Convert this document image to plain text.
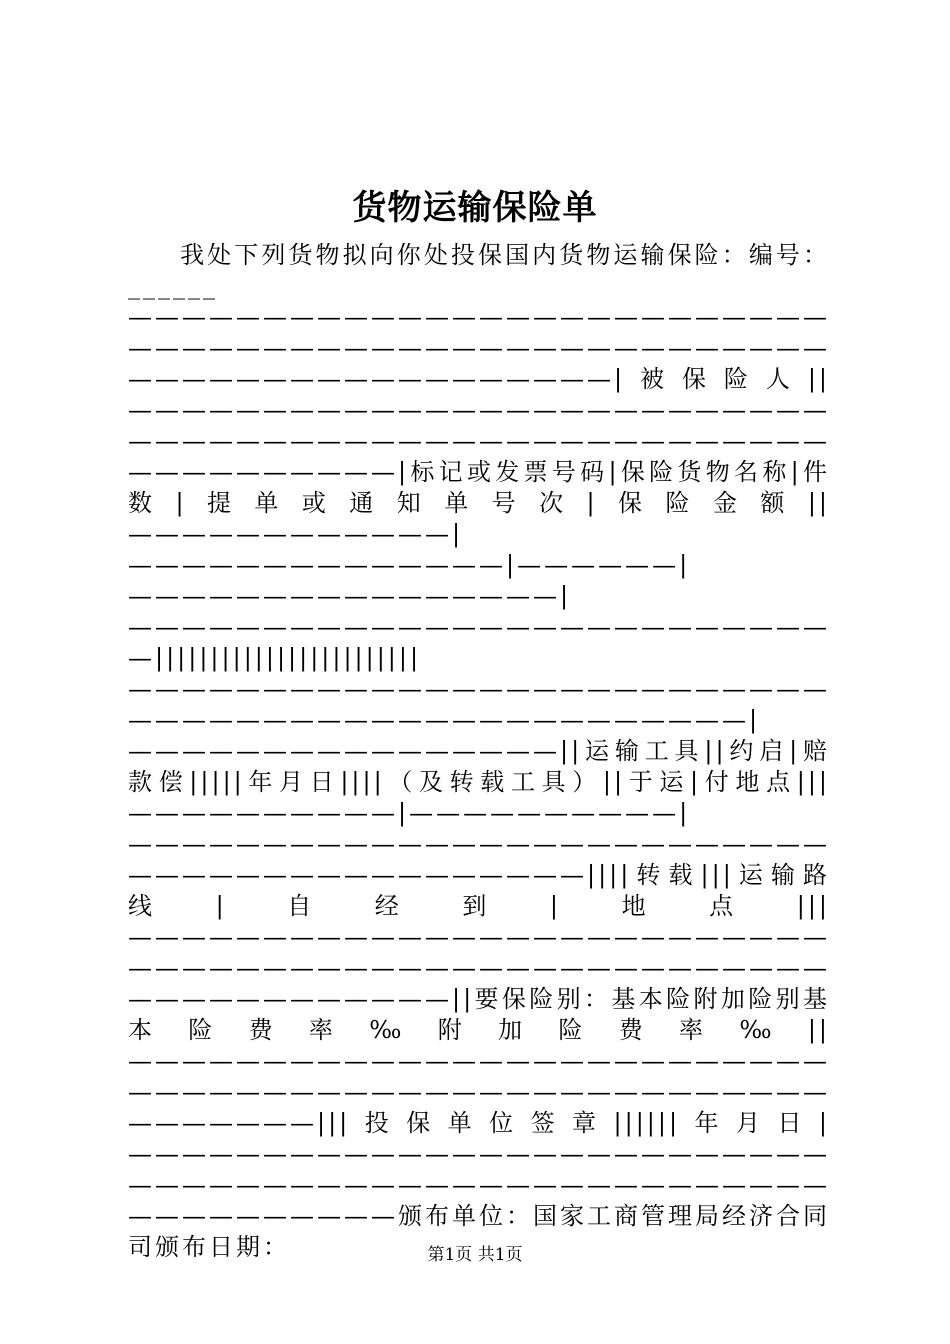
货物运输保险单

我处下列货物拟向你处投保国内货物运输保险：编号：______——————————————————————————————————————————————————————————————————————|被保险人||——————————————————————————————————————————————————————————————|标记或发票号码|保险货物名称|件数|提单或通知单号次|保险金额||————————————|——————————————|——————|————————————————|———————————————————————————||||||||||||||||||||||||—————————————————————————————————————————————————|————————————————||运输工具||约启|赔款偿|||||年月日||||（及转载工具）||于运|付地点|||——————————|——————————|———————————————————————————————————————————||||转载|||运输路线|自经到|地点|||————————————————————————————————————————————————————————————————||要保险别：基本险附加险别基本险费率‰附加险费率‰||———————————————————————————————————————————————————————————|||投保单位签章||||||年月日|——————————————————————————————————————————————————————————————颁布单位：国家工商管理局经济合同司颁布日期：	第1页 共1页
